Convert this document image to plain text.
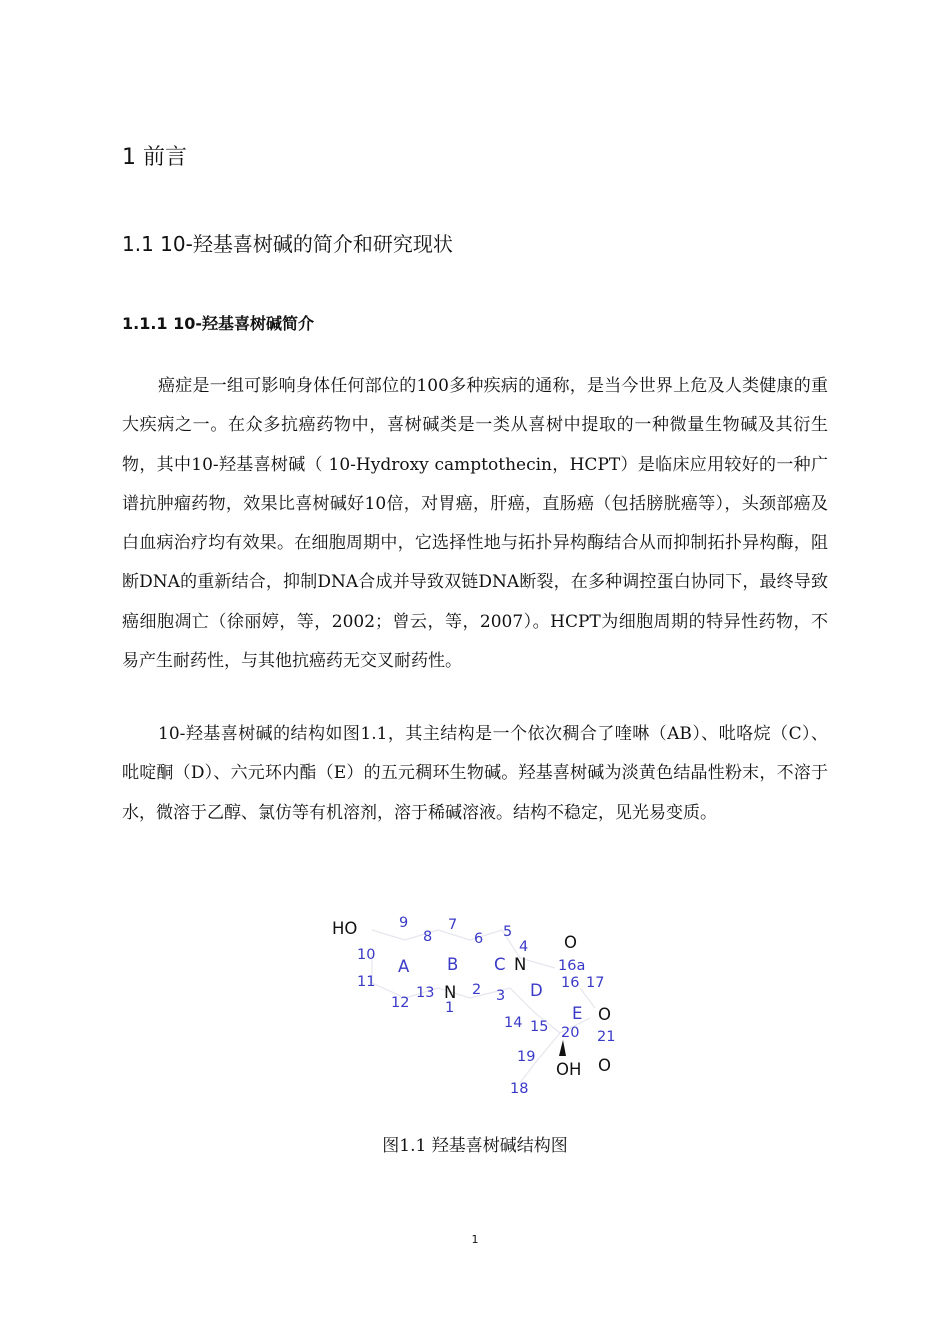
1 前言
1.1 10-羟基喜树碱的简介和研究现状
1.1.1 10-羟基喜树碱简介

癌症是一组可影响身体任何部位的100多种疾病的通称，是当今世界上危及人类健康的重大疾病之一。在众多抗癌药物中，喜树碱类是一类从喜树中提取的一种微量生物碱及其衍生物，其中10-羟基喜树碱（ 10-Hydroxy camptothecin，HCPT）是临床应用较好的一种广谱抗肿瘤药物，效果比喜树碱好10倍，对胃癌，肝癌，直肠癌（包括膀胱癌等），头颈部癌及白血病治疗均有效果。在细胞周期中，它选择性地与拓扑异构酶结合从而抑制拓扑异构酶，阻断DNA的重新结合，抑制DNA合成并导致双链DNA断裂，在多种调控蛋白协同下，最终导致癌细胞凋亡（徐丽婷，等，2002；曾云，等，2007）。HCPT为细胞周期的特异性药物，不易产生耐药性，与其他抗癌药无交叉耐药性。

10-羟基喜树碱的结构如图1.1，其主结构是一个依次稠合了喹啉（AB）、吡咯烷（C）、吡啶酮（D）、六元环内酯（E）的五元稠环生物碱。羟基喜树碱为淡黄色结晶性粉末，不溶于水，微溶于乙醇、氯仿等有机溶剂，溶于稀碱溶液。结构不稳定，见光易变质。

HO
O
O
O
OH
N
N
A B C
D
E
9	7
8	6 5
4
10
16a
11	16 17
2
13	3
12 1
14 15 20 21
19
18
图1.1 羟基喜树碱结构图
1
